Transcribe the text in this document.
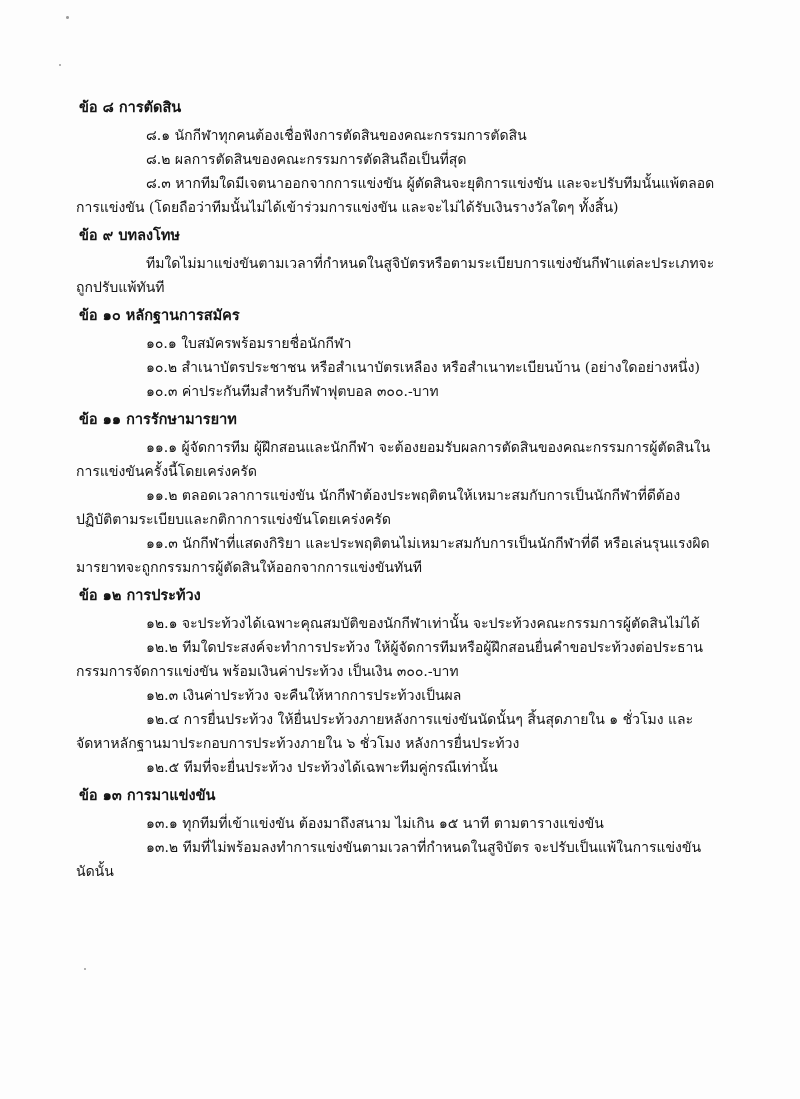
ข้อ ๘ การตัดสิน
๘.๑ นักกีฬาทุกคนต้องเชื่อฟังการตัดสินของคณะกรรมการตัดสิน
๘.๒ ผลการตัดสินของคณะกรรมการตัดสินถือเป็นที่สุด
๘.๓ หากทีมใดมีเจตนาออกจากการแข่งขัน ผู้ตัดสินจะยุติการแข่งขัน และจะปรับทีมนั้นแพ้ตลอดการแข่งขัน (โดยถือว่าทีมนั้นไม่ได้เข้าร่วมการแข่งขัน และจะไม่ได้รับเงินรางวัลใดๆ ทั้งสิ้น)
ข้อ ๙ บทลงโทษ
ทีมใดไม่มาแข่งขันตามเวลาที่กำหนดในสูจิบัตรหรือตามระเบียบการแข่งขันกีฬาแต่ละประเภทจะถูกปรับแพ้ทันที
ข้อ ๑๐ หลักฐานการสมัคร
๑๐.๑ ใบสมัครพร้อมรายชื่อนักกีฬา
๑๐.๒ สำเนาบัตรประชาชน หรือสำเนาบัตรเหลือง หรือสำเนาทะเบียนบ้าน (อย่างใดอย่างหนึ่ง)
๑๐.๓ ค่าประกันทีมสำหรับกีฬาฟุตบอล ๓๐๐.-บาท
ข้อ ๑๑ การรักษามารยาท
๑๑.๑ ผู้จัดการทีม ผู้ฝึกสอนและนักกีฬา จะต้องยอมรับผลการตัดสินของคณะกรรมการผู้ตัดสินในการแข่งขันครั้งนี้โดยเคร่งครัด
๑๑.๒ ตลอดเวลาการแข่งขัน นักกีฬาต้องประพฤติตนให้เหมาะสมกับการเป็นนักกีฬาที่ดีต้องปฏิบัติตามระเบียบและกติกาการแข่งขันโดยเคร่งครัด
๑๑.๓ นักกีฬาที่แสดงกิริยา และประพฤติตนไม่เหมาะสมกับการเป็นนักกีฬาที่ดี หรือเล่นรุนแรงผิดมารยาทจะถูกกรรมการผู้ตัดสินให้ออกจากการแข่งขันทันที
ข้อ ๑๒ การประท้วง
๑๒.๑ จะประท้วงได้เฉพาะคุณสมบัติของนักกีฬาเท่านั้น จะประท้วงคณะกรรมการผู้ตัดสินไม่ได้
๑๒.๒ ทีมใดประสงค์จะทำการประท้วง ให้ผู้จัดการทีมหรือผู้ฝึกสอนยื่นคำขอประท้วงต่อประธานกรรมการจัดการแข่งขัน พร้อมเงินค่าประท้วง เป็นเงิน ๓๐๐.-บาท
๑๒.๓ เงินค่าประท้วง จะคืนให้หากการประท้วงเป็นผล
๑๒.๔ การยื่นประท้วง ให้ยื่นประท้วงภายหลังการแข่งขันนัดนั้นๆ สิ้นสุดภายใน ๑ ชั่วโมง และจัดหาหลักฐานมาประกอบการประท้วงภายใน ๖ ชั่วโมง หลังการยื่นประท้วง
๑๒.๕ ทีมที่จะยื่นประท้วง ประท้วงได้เฉพาะทีมคู่กรณีเท่านั้น
ข้อ ๑๓ การมาแข่งขัน
๑๓.๑ ทุกทีมที่เข้าแข่งขัน ต้องมาถึงสนาม ไม่เกิน ๑๕ นาที ตามตารางแข่งขัน
๑๓.๒ ทีมที่ไม่พร้อมลงทำการแข่งขันตามเวลาที่กำหนดในสูจิบัตร จะปรับเป็นแพ้ในการแข่งขันนัดนั้น
